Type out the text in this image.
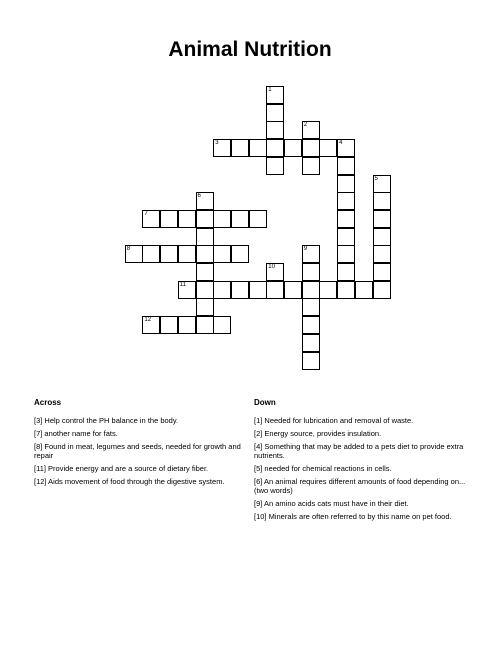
Animal Nutrition
1
2
3	4
5
6
7
8	9
10
11
12
Across
[3] Help control the PH balance in the body.
[7] another name for fats.
[8] Found in meat, legumes and seeds, needed for growth and repair
[11] Provide energy and are a source of dietary fiber.
[12] Aids movement of food through the digestive system.
Down
[1] Needed for lubrication and removal of waste.
[2] Energy source, provides insulation.
[4] Something that may be added to a pets diet to provide extra nutrients.
[5] needed for chemical reactions in cells.
[6] An animal requires different amounts of food depending on... (two words)
[9] An amino acids cats must have in their diet.
[10] Minerals are often referred to by this name on pet food.
